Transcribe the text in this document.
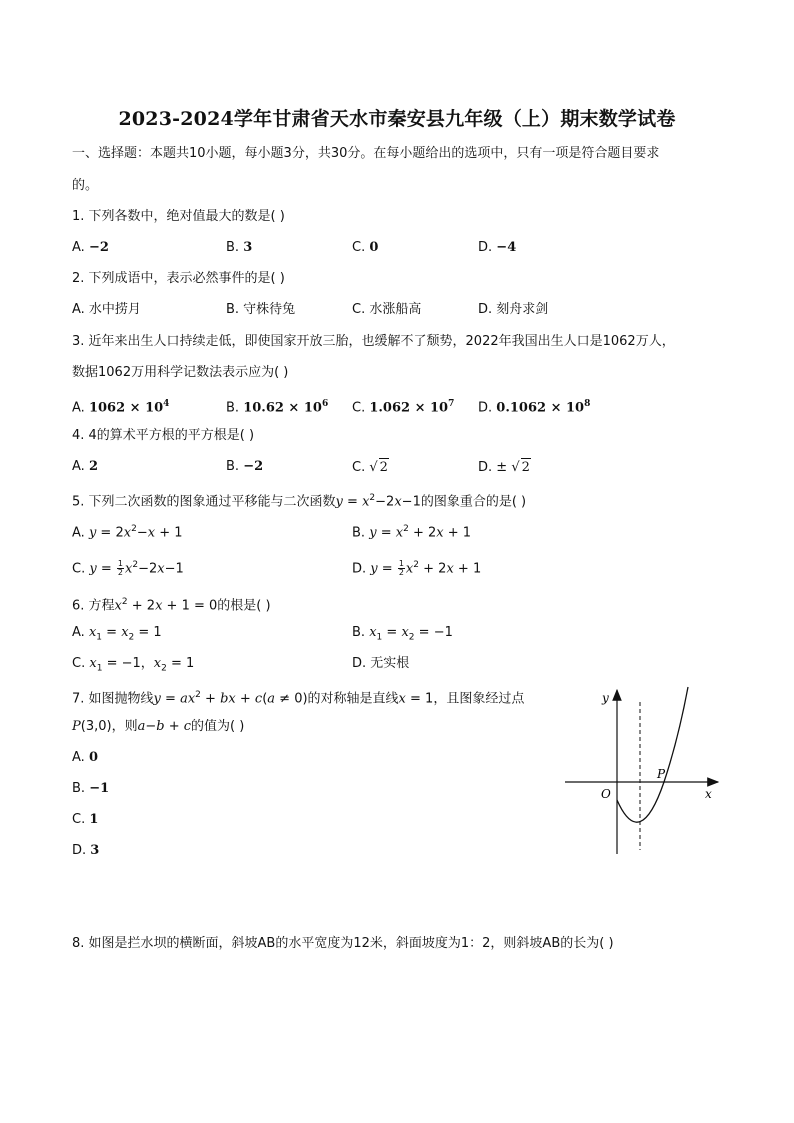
2023-2024学年甘肃省天水市秦安县九年级（上）期末数学试卷
一、选择题：本题共10小题，每小题3分，共30分。在每小题给出的选项中，只有一项是符合题目要求
的。
1. 下列各数中，绝对值最大的数是( )
A. −2	B. 3	C. 0	D. −4
2. 下列成语中，表示必然事件的是( )
A. 水中捞月	B. 守株待兔	C. 水涨船高	D. 刻舟求剑
3. 近年来出生人口持续走低，即使国家开放三胎，也缓解不了颓势，2022年我国出生人口是1062万人，
数据1062万用科学记数法表示应为( )
A. $1062 \times 10^4$	B. $10.62 \times 10^6$ C. $1.062 \times 10^7$ D. $0.1062 \times 10^8$
4. 4的算术平方根的平方根是( )
A. 2	B. −2	C. √ 2	D. ± √ 2
5. 下列二次函数的图象通过平移能与二次函数$y = x^2-2x-1$的图象重合的是( )
A. $y = 2x^2-x + 1$	B. $y = x^2 + 2x + 1$
C. $y = \frac{1}{2} x^2-2x-1$	D. $y = \frac{1}{2} x^2 + 2x + 1$
6. 方程$x^2 + 2x + 1 = 0$的根是( )
A. $x_1 = x_2 = 1$	B. $x_1 = x_2 = -1$
C. $x_1 = -1$，$x_2 = 1$	D. 无实根
7. 如图抛物线$y = ax^2$ + bx + c(a ≠ 0)的对称轴是直线x = 1，且图象经过点
P(3,0)，则a−b + c的值为( )
A. 0
B. −1
C. 1
D. 3
y
x
O
P
8. 如图是拦水坝的横断面，斜坡AB的水平宽度为12米，斜面坡度为1：2，则斜坡AB的长为( )
